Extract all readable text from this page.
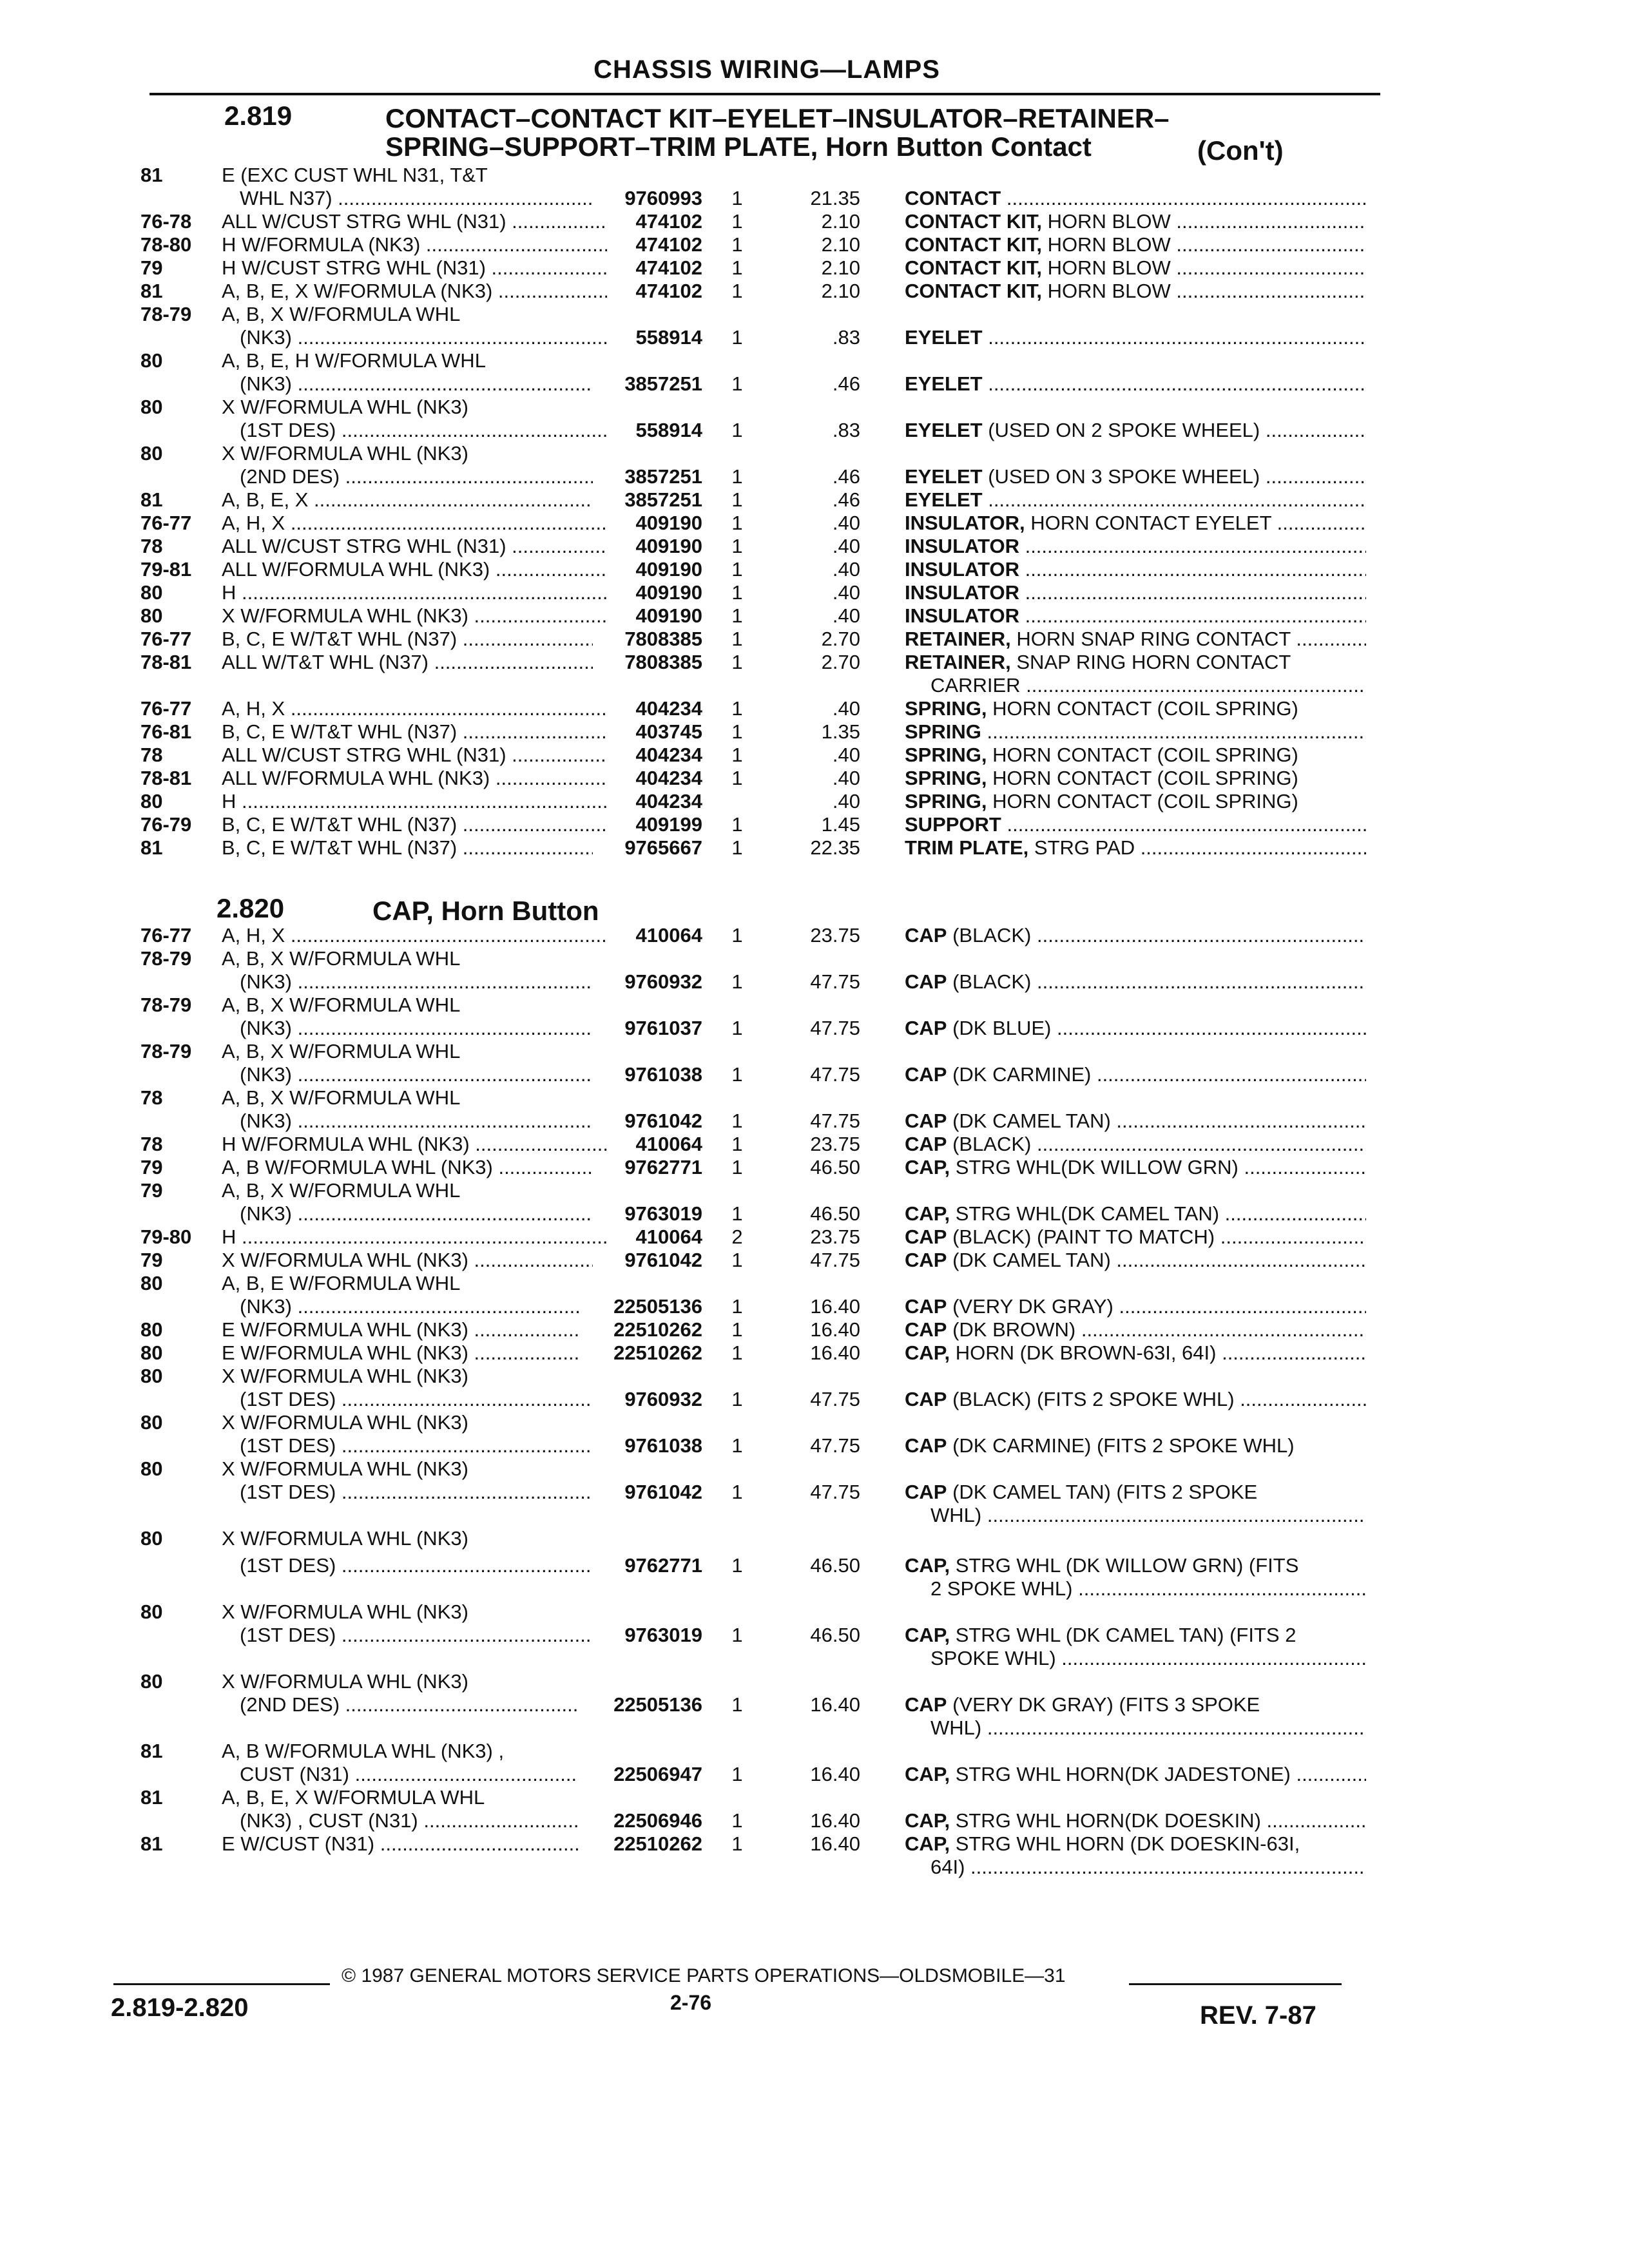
CHASSIS WIRING—LAMPS
2.819	CONTACT–CONTACT KIT–EYELET–INSULATOR–RETAINER–
SPRING–SUPPORT–TRIM PLATE, Horn Button Contact	(Con't)
2.820	CAP, Horn Button
81	E (EXC CUST WHL N31, T&T
WHL N37) .....	9760993	1	21.35 CONTACT .....
76-78 ALL W/CUST STRG WHL (N31) .....	474102	1	2.10 CONTACT KIT, HORN BLOW .....
78-80 H W/FORMULA (NK3) .....	474102	1	2.10 CONTACT KIT, HORN BLOW .....
79	H W/CUST STRG WHL (N31) .....	474102	1	2.10 CONTACT KIT, HORN BLOW .....
81	A, B, E, X W/FORMULA (NK3) .....	474102	1	2.10 CONTACT KIT, HORN BLOW .....
78-79 A, B, X W/FORMULA WHL
(NK3) .....	558914	1	.83 EYELET .....
80	A, B, E, H W/FORMULA WHL
(NK3) .....	3857251	1	.46 EYELET .....
80	X W/FORMULA WHL (NK3)
(1ST DES) .....	558914	1	.83 EYELET (USED ON 2 SPOKE WHEEL) .....
80	X W/FORMULA WHL (NK3)
(2ND DES) .....	3857251	1	.46 EYELET (USED ON 3 SPOKE WHEEL) .....
81	A, B, E, X .....	3857251	1	.46 EYELET .....
76-77 A, H, X .....	409190	1	.40 INSULATOR, HORN CONTACT EYELET .....
78	ALL W/CUST STRG WHL (N31) .....	409190	1	.40 INSULATOR .....
79-81 ALL W/FORMULA WHL (NK3) .....	409190	1	.40 INSULATOR .....
80	H .....	409190	1	.40 INSULATOR .....
80	X W/FORMULA WHL (NK3) .....	409190	1	.40 INSULATOR .....
76-77 B, C, E W/T&T WHL (N37) .....	7808385	1	2.70 RETAINER, HORN SNAP RING CONTACT .....
78-81 ALL W/T&T WHL (N37) .....	7808385	1	2.70 RETAINER, SNAP RING HORN CONTACT
CARRIER .....
76-77 A, H, X .....	404234	1	.40 SPRING, HORN CONTACT (COIL SPRING)
76-81 B, C, E W/T&T WHL (N37) .....	403745	1	1.35 SPRING .....
78	ALL W/CUST STRG WHL (N31) .....	404234	1	.40 SPRING, HORN CONTACT (COIL SPRING)
78-81 ALL W/FORMULA WHL (NK3) .....	404234	1	.40 SPRING, HORN CONTACT (COIL SPRING)
80	H .....	404234	.40 SPRING, HORN CONTACT (COIL SPRING)
76-79 B, C, E W/T&T WHL (N37) .....	409199	1	1.45 SUPPORT .....
81	B, C, E W/T&T WHL (N37) .....	9765667	1	22.35 TRIM PLATE, STRG PAD .....
76-77 A, H, X .....	410064	1	23.75 CAP (BLACK) .....
78-79 A, B, X W/FORMULA WHL
(NK3) .....	9760932	1	47.75 CAP (BLACK) .....
78-79 A, B, X W/FORMULA WHL
(NK3) .....	9761037	1	47.75 CAP (DK BLUE) .....
78-79 A, B, X W/FORMULA WHL
(NK3) .....	9761038	1	47.75 CAP (DK CARMINE) .....
78	A, B, X W/FORMULA WHL
(NK3) .....	9761042	1	47.75 CAP (DK CAMEL TAN) .....
78	H W/FORMULA WHL (NK3) .....	410064	1	23.75 CAP (BLACK) .....
79	A, B W/FORMULA WHL (NK3) .....	9762771	1	46.50 CAP, STRG WHL(DK WILLOW GRN) .....
79	A, B, X W/FORMULA WHL
(NK3) .....	9763019	1	46.50 CAP, STRG WHL(DK CAMEL TAN) .....
79-80 H .....	410064	2	23.75 CAP (BLACK) (PAINT TO MATCH) .....
79	X W/FORMULA WHL (NK3) .....	9761042	1	47.75 CAP (DK CAMEL TAN) .....
80	A, B, E W/FORMULA WHL
(NK3) .....	22505136	1	16.40 CAP (VERY DK GRAY) .....
80	E W/FORMULA WHL (NK3) .....	22510262	1	16.40 CAP (DK BROWN) .....
80	E W/FORMULA WHL (NK3) .....	22510262	1	16.40 CAP, HORN (DK BROWN-63I, 64I) .....
80	X W/FORMULA WHL (NK3)
(1ST DES) .....	9760932	1	47.75 CAP (BLACK) (FITS 2 SPOKE WHL) .....
80	X W/FORMULA WHL (NK3)
(1ST DES) .....	9761038	1	47.75 CAP (DK CARMINE) (FITS 2 SPOKE WHL)
80	X W/FORMULA WHL (NK3)
(1ST DES) .....	9761042	1	47.75 CAP (DK CAMEL TAN) (FITS 2 SPOKE
WHL) .....
80	X W/FORMULA WHL (NK3)
(1ST DES) .....	9762771	1	46.50 CAP, STRG WHL (DK WILLOW GRN) (FITS
2 SPOKE WHL) .....
80	X W/FORMULA WHL (NK3)
(1ST DES) .....	9763019	1	46.50 CAP, STRG WHL (DK CAMEL TAN) (FITS 2
SPOKE WHL) .....
80	X W/FORMULA WHL (NK3)
(2ND DES) .....	22505136	1	16.40 CAP (VERY DK GRAY) (FITS 3 SPOKE
WHL) .....
81	A, B W/FORMULA WHL (NK3) ,
CUST (N31) .....	22506947	1	16.40 CAP, STRG WHL HORN(DK JADESTONE) .....
81	A, B, E, X W/FORMULA WHL
(NK3) , CUST (N31) .....	22506946	1	16.40 CAP, STRG WHL HORN(DK DOESKIN) .....
81	E W/CUST (N31) .....	22510262	1	16.40 CAP, STRG WHL HORN (DK DOESKIN-63I,
64I) .....
2.819-2.820
© 1987 GENERAL MOTORS SERVICE PARTS OPERATIONS—OLDSMOBILE—31
2-76	REV. 7-87
